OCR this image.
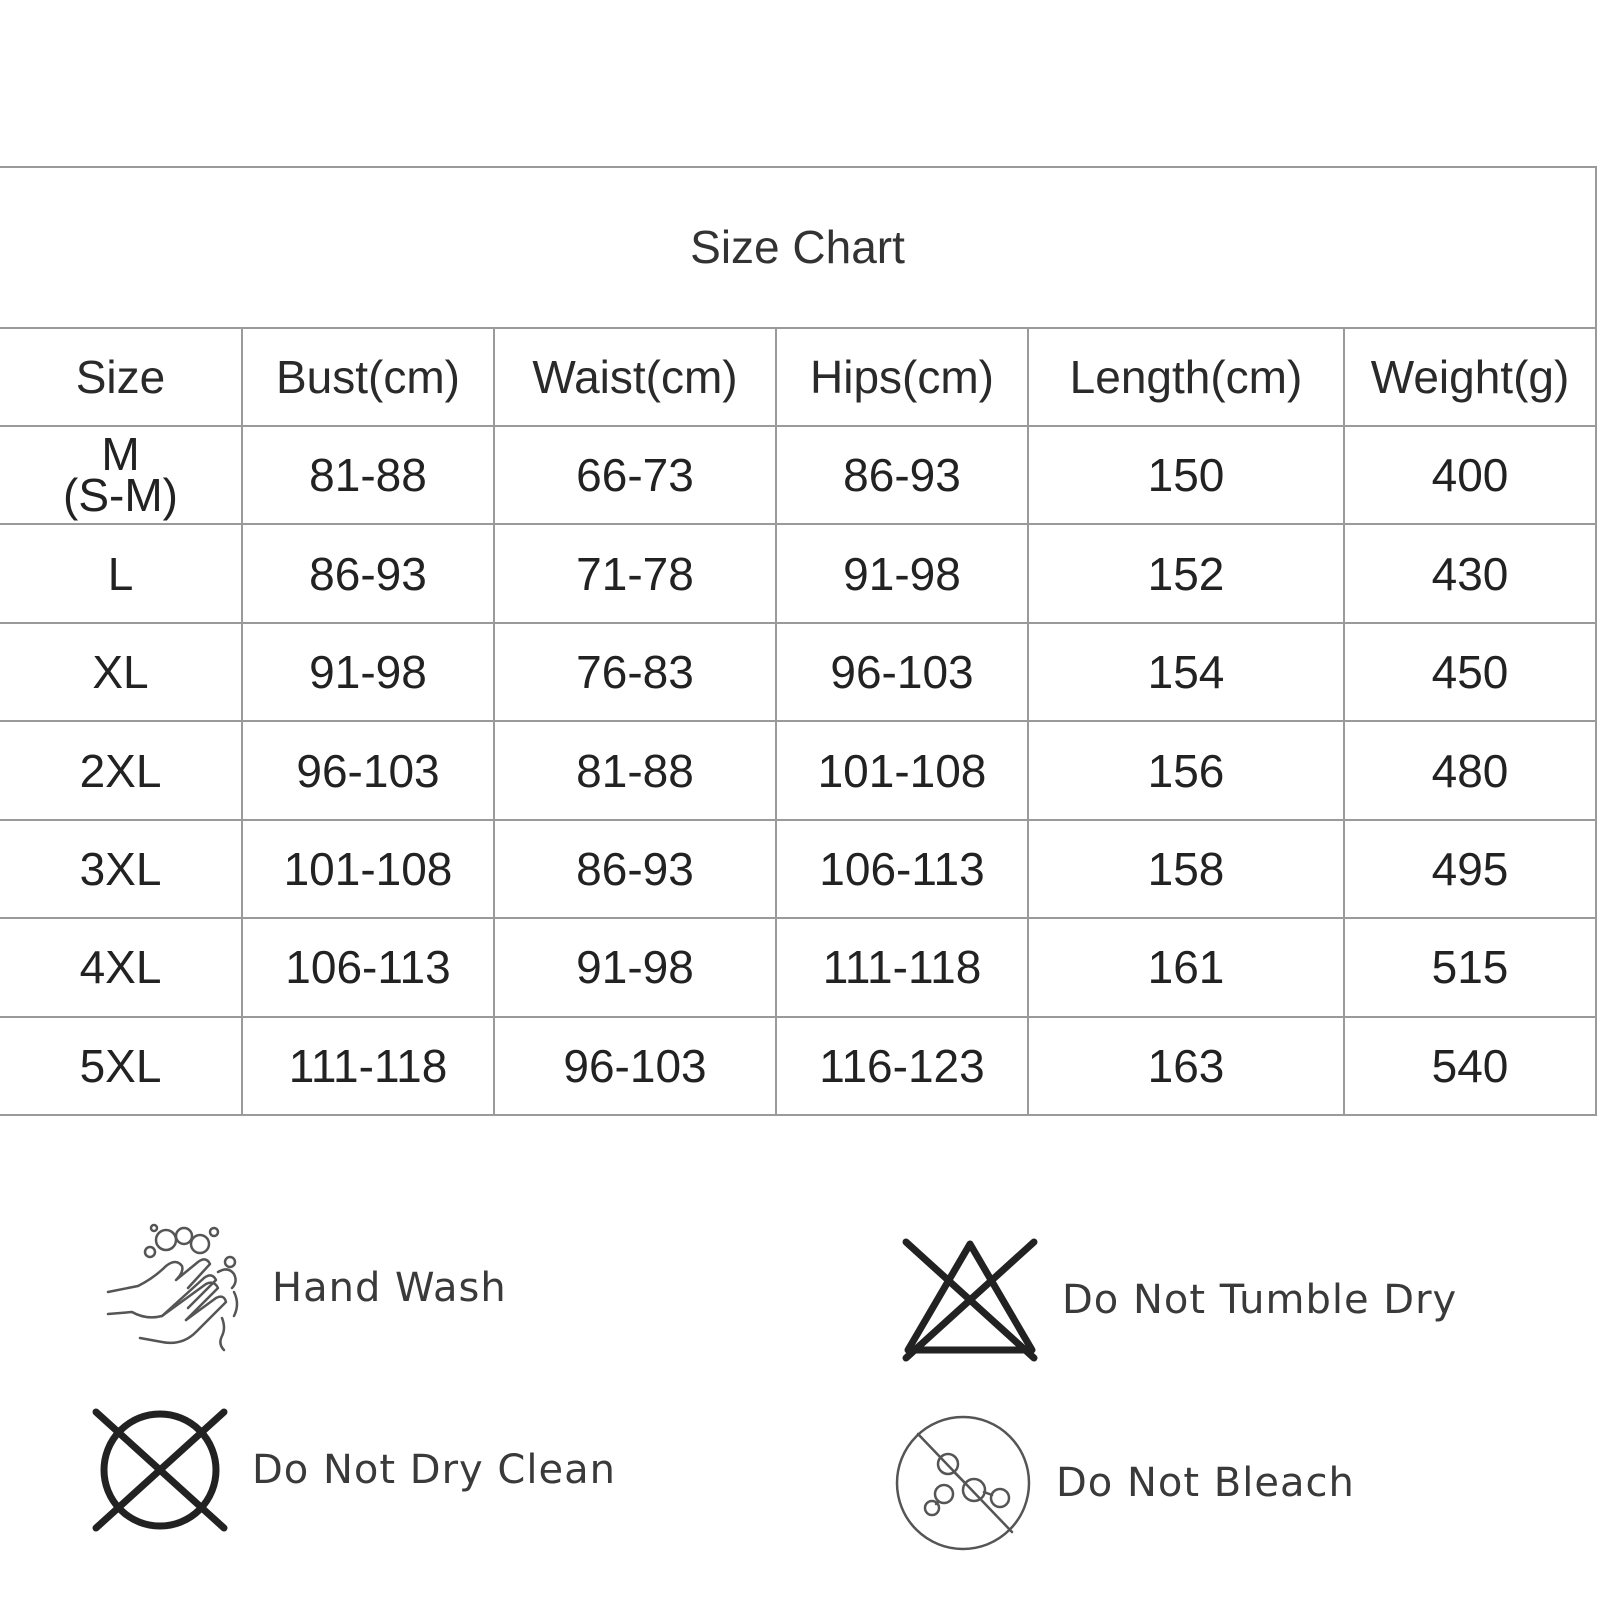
Size Chart					
Size	Bust(cm)	Waist(cm)	Hips(cm)	Length(cm)	Weight(g)

M
(S-M)	81-88	66-73	86-93	150	400
L	86-93	71-78	91-98	152	430
XL	91-98	76-83	96-103	154	450
2XL	96-103	81-88	101-108	156	480
3XL	101-108	86-93	106-113	158	495
4XL	106-113	91-98	111-118	161	515
5XL	111-118	96-103	116-123	163	540
Hand Wash	Do Not Tumble Dry
Do Not Dry Clean	Do Not Bleach
